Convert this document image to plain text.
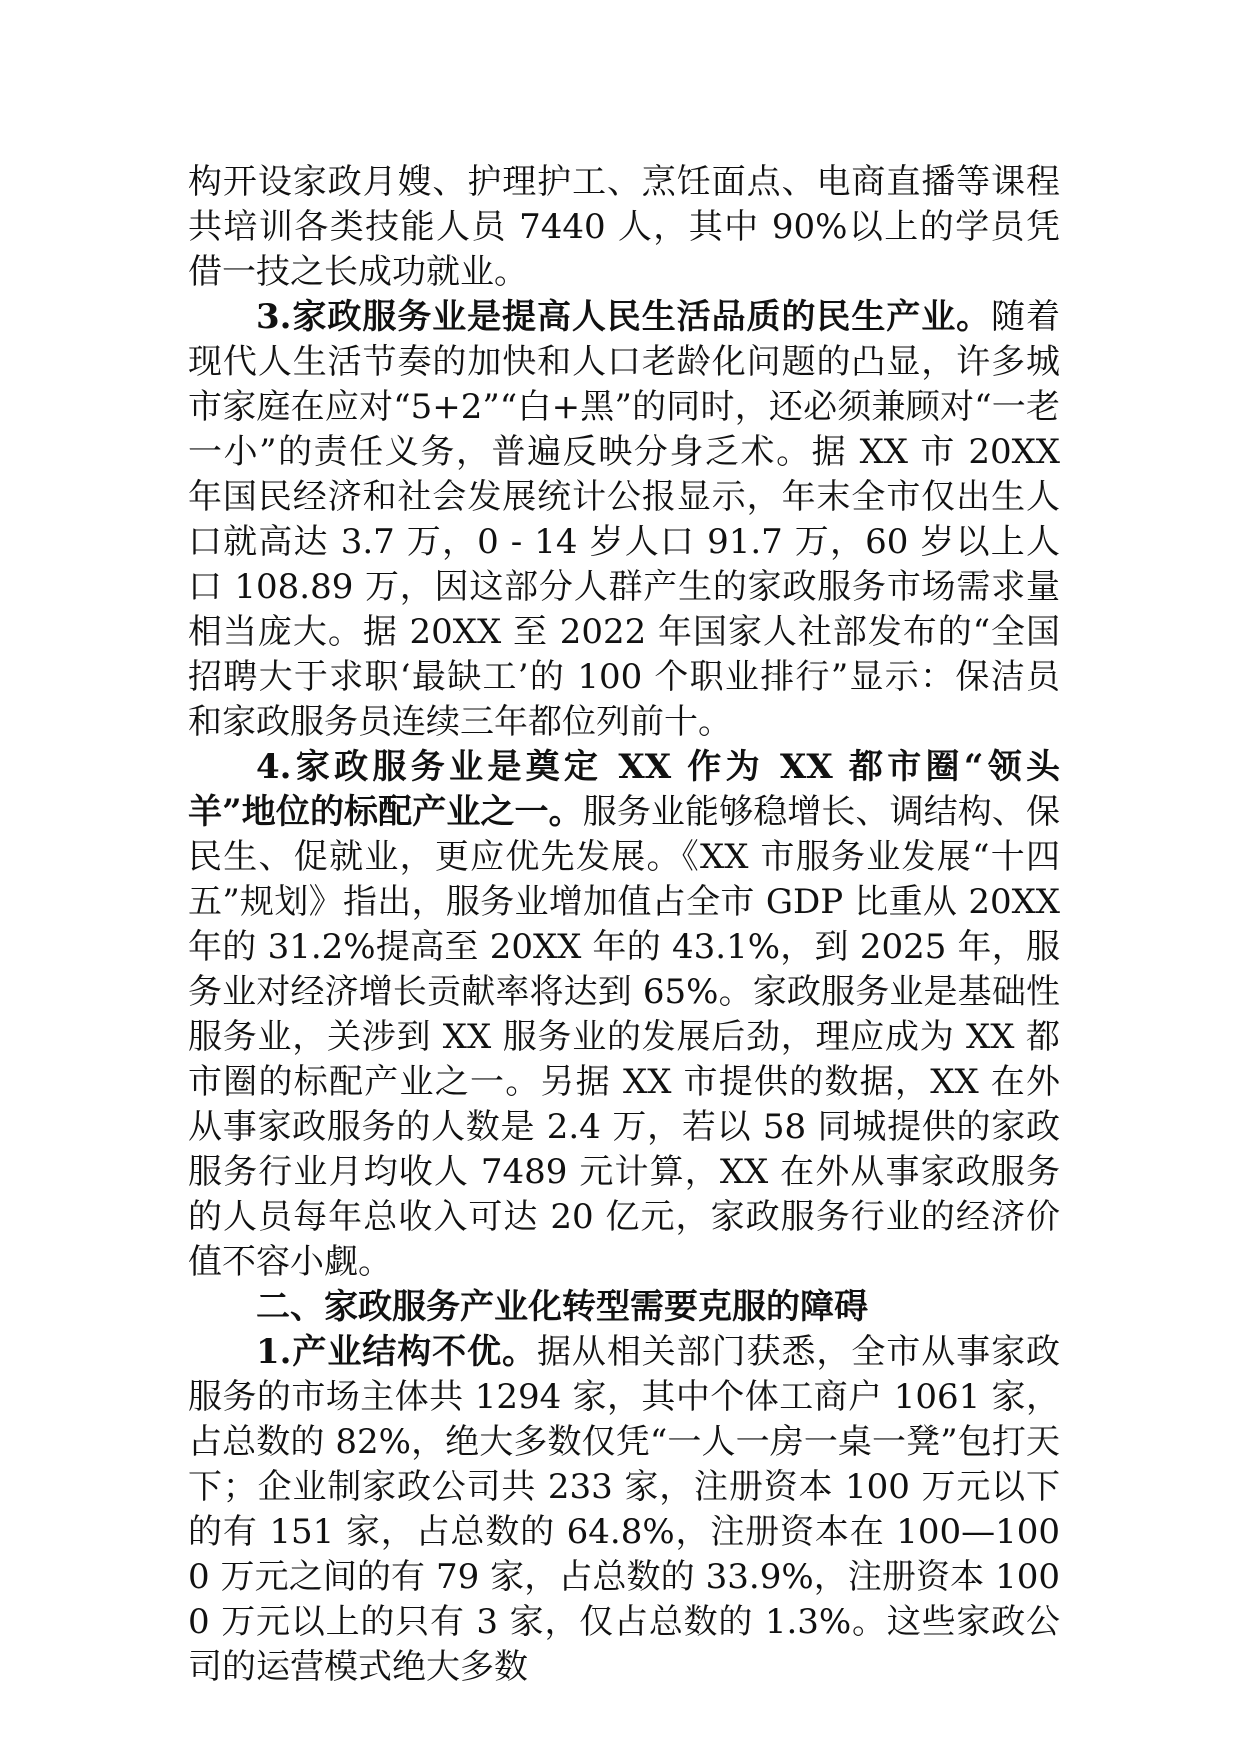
构开设家政月嫂、护理护工、烹饪面点、电商直播等课程共培训各类技能人员 7440 人，其中 90%以上的学员凭借一技之长成功就业。

3.家政服务业是提高人民生活品质的民生产业。随着现代人生活节奏的加快和人口老龄化问题的凸显，许多城市家庭在应对“5+2”“白+黑”的同时，还必须兼顾对“一老一小”的责任义务，普遍反映分身乏术。据 XX 市 20XX 年国民经济和社会发展统计公报显示，年末全市仅出生人口就高达 3.7 万，0 - 14 岁人口 91.7 万，60 岁以上人口 108.89 万，因这部分人群产生的家政服务市场需求量相当庞大。据 20XX 至 2022 年国家人社部发布的“全国招聘大于求职‘最缺工’的 100 个职业排行”显示：保洁员和家政服务员连续三年都位列前十。

4.家政服务业是奠定 XX 作为 XX 都市圈“领头羊”地位的标配产业之一。服务业能够稳增长、调结构、保民生、促就业，更应优先发展。《XX 市服务业发展“十四五”规划》指出，服务业增加值占全市 GDP 比重从 20XX 年的 31.2%提高至 20XX 年的 43.1%，到 2025 年，服务业对经济增长贡献率将达到 65%。家政服务业是基础性服务业，关涉到 XX 服务业的发展后劲，理应成为 XX 都市圈的标配产业之一。另据 XX 市提供的数据，XX 在外从事家政服务的人数是 2.4 万，若以 58 同城提供的家政服务行业月均收人 7489 元计算，XX 在外从事家政服务的人员每年总收入可达 20 亿元，家政服务行业的经济价值不容小觑。

二、家政服务产业化转型需要克服的障碍

1.产业结构不优。据从相关部门获悉，全市从事家政服务的市场主体共 1294 家，其中个体工商户 1061 家，占总数的 82%，绝大多数仅凭“一人一房一桌一凳”包打天下；企业制家政公司共 233 家，注册资本 100 万元以下的有 151 家，占总数的 64.8%，注册资本在 100—1000 万元之间的有 79 家，占总数的 33.9%，注册资本 1000 万元以上的只有 3 家，仅占总数的 1.3%。这些家政公司的运营模式绝大多数
